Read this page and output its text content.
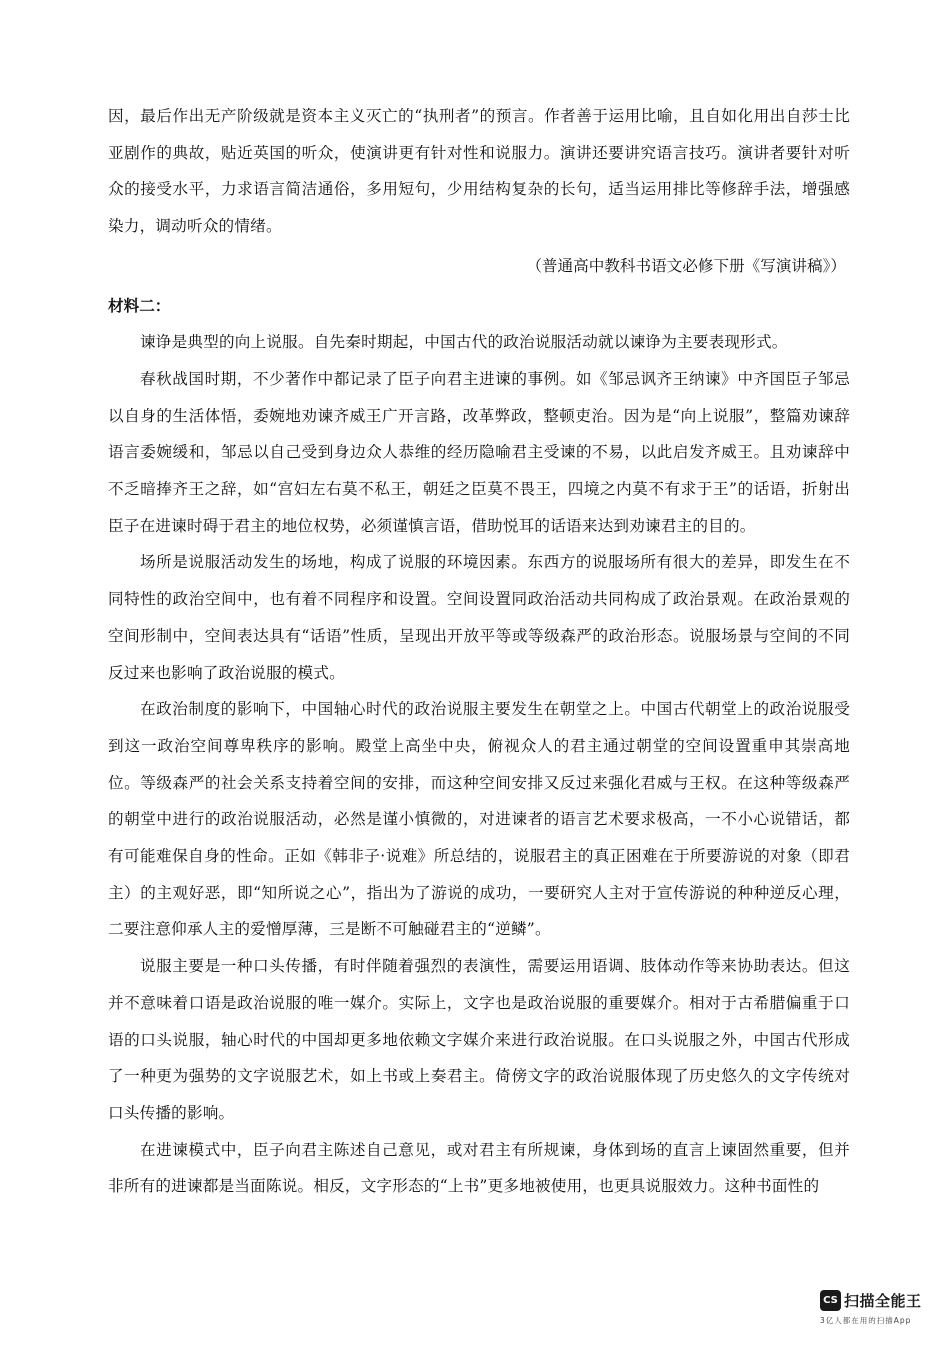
因，最后作出无产阶级就是资本主义灭亡的“执刑者”的预言。作者善于运用比喻，且自如化用出自莎士比亚剧作的典故，贴近英国的听众，使演讲更有针对性和说服力。演讲还要讲究语言技巧。演讲者要针对听众的接受水平，力求语言简洁通俗，多用短句，少用结构复杂的长句，适当运用排比等修辞手法，增强感染力，调动听众的情绪。

（普通高中教科书语文必修下册《写演讲稿》）

材料二：

谏诤是典型的向上说服。自先秦时期起，中国古代的政治说服活动就以谏诤为主要表现形式。

春秋战国时期，不少著作中都记录了臣子向君主进谏的事例。如《邹忌讽齐王纳谏》中齐国臣子邹忌以自身的生活体悟，委婉地劝谏齐威王广开言路，改革弊政，整顿吏治。因为是“向上说服”，整篇劝谏辞语言委婉缓和，邹忌以自己受到身边众人恭维的经历隐喻君主受谏的不易，以此启发齐威王。且劝谏辞中不乏暗捧齐王之辞，如“宫妇左右莫不私王，朝廷之臣莫不畏王，四境之内莫不有求于王”的话语，折射出臣子在进谏时碍于君主的地位权势，必须谨慎言语，借助悦耳的话语来达到劝谏君主的目的。

场所是说服活动发生的场地，构成了说服的环境因素。东西方的说服场所有很大的差异，即发生在不同特性的政治空间中，也有着不同程序和设置。空间设置同政治活动共同构成了政治景观。在政治景观的空间形制中，空间表达具有“话语”性质，呈现出开放平等或等级森严的政治形态。说服场景与空间的不同反过来也影响了政治说服的模式。

在政治制度的影响下，中国轴心时代的政治说服主要发生在朝堂之上。中国古代朝堂上的政治说服受到这一政治空间尊卑秩序的影响。殿堂上高坐中央，俯视众人的君主通过朝堂的空间设置重申其崇高地位。等级森严的社会关系支持着空间的安排，而这种空间安排又反过来强化君威与王权。在这种等级森严的朝堂中进行的政治说服活动，必然是谨小慎微的，对进谏者的语言艺术要求极高，一不小心说错话，都有可能难保自身的性命。正如《韩非子·说难》所总结的，说服君主的真正困难在于所要游说的对象（即君主）的主观好恶，即“知所说之心”，指出为了游说的成功，一要研究人主对于宣传游说的种种逆反心理，二要注意仰承人主的爱憎厚薄，三是断不可触碰君主的“逆鳞”。

说服主要是一种口头传播，有时伴随着强烈的表演性，需要运用语调、肢体动作等来协助表达。但这并不意味着口语是政治说服的唯一媒介。实际上，文字也是政治说服的重要媒介。相对于古希腊偏重于口语的口头说服，轴心时代的中国却更多地依赖文字媒介来进行政治说服。在口头说服之外，中国古代形成了一种更为强势的文字说服艺术，如上书或上奏君主。倚傍文字的政治说服体现了历史悠久的文字传统对口头传播的影响。

在进谏模式中，臣子向君主陈述自己意见，或对君主有所规谏，身体到场的直言上谏固然重要，但并非所有的进谏都是当面陈说。相反，文字形态的“上书”更多地被使用，也更具说服效力。这种书面性的

CS 扫描全能王
3亿人都在用的扫描App
